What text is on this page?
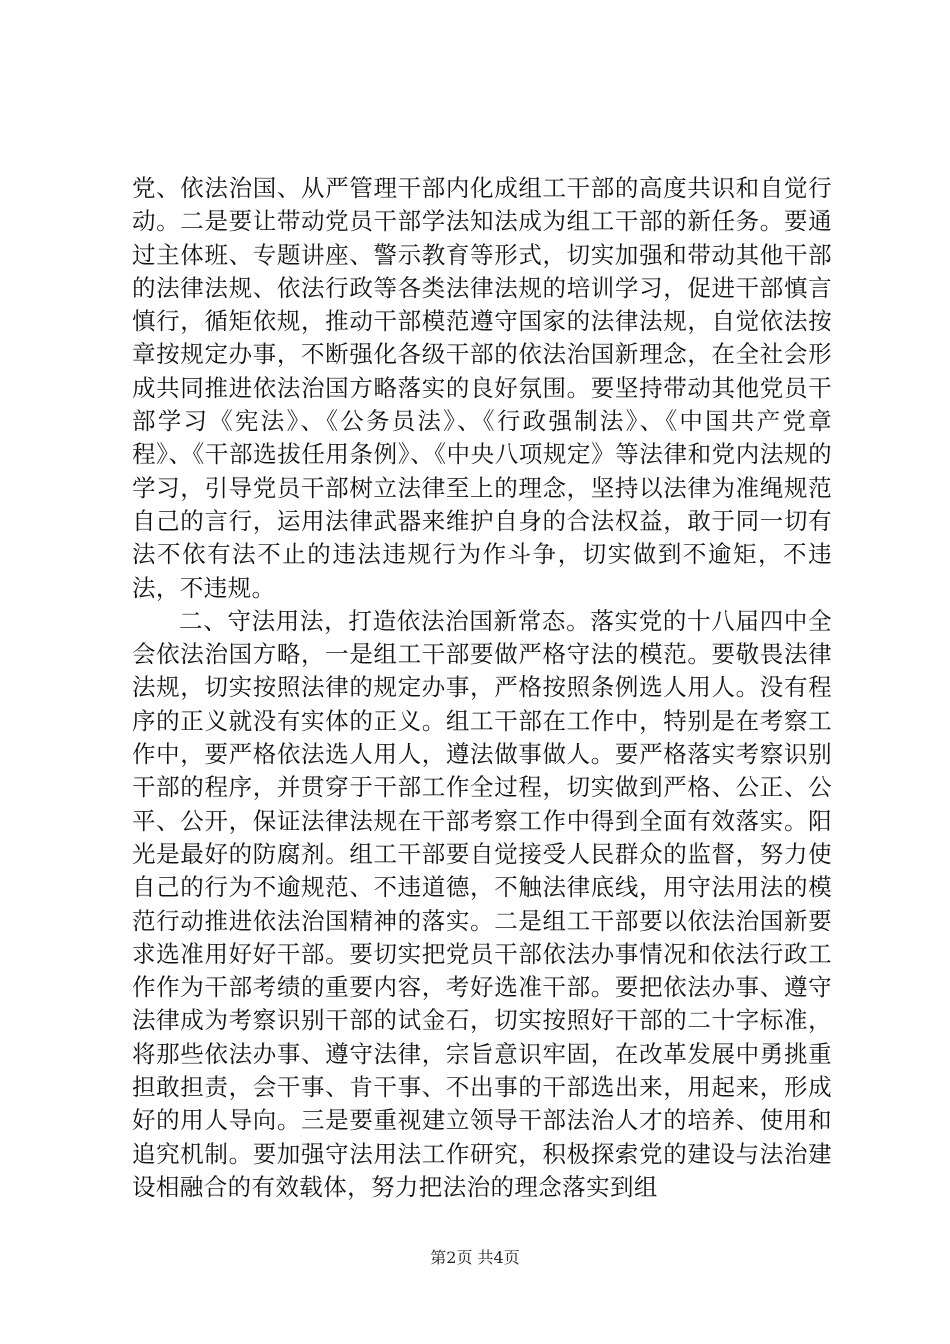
党、依法治国、从严管理干部内化成组工干部的高度共识和自觉行动。二是要让带动党员干部学法知法成为组工干部的新任务。要通过主体班、专题讲座、警示教育等形式，切实加强和带动其他干部的法律法规、依法行政等各类法律法规的培训学习，促进干部慎言慎行，循矩依规，推动干部模范遵守国家的法律法规，自觉依法按章按规定办事，不断强化各级干部的依法治国新理念，在全社会形成共同推进依法治国方略落实的良好氛围。要坚持带动其他党员干部学习《宪法》、《公务员法》、《行政强制法》、《中国共产党章程》、《干部选拔任用条例》、《中央八项规定》等法律和党内法规的学习，引导党员干部树立法律至上的理念，坚持以法律为准绳规范自己的言行，运用法律武器来维护自身的合法权益，敢于同一切有法不依有法不止的违法违规行为作斗争，切实做到不逾矩，不违法，不违规。

二、守法用法，打造依法治国新常态。落实党的十八届四中全会依法治国方略，一是组工干部要做严格守法的模范。要敬畏法律法规，切实按照法律的规定办事，严格按照条例选人用人。没有程序的正义就没有实体的正义。组工干部在工作中，特别是在考察工作中，要严格依法选人用人，遵法做事做人。要严格落实考察识别干部的程序，并贯穿于干部工作全过程，切实做到严格、公正、公平、公开，保证法律法规在干部考察工作中得到全面有效落实。阳光是最好的防腐剂。组工干部要自觉接受人民群众的监督，努力使自己的行为不逾规范、不违道德，不触法律底线，用守法用法的模范行动推进依法治国精神的落实。二是组工干部要以依法治国新要求选准用好好干部。要切实把党员干部依法办事情况和依法行政工作作为干部考绩的重要内容，考好选准干部。要把依法办事、遵守法律成为考察识别干部的试金石，切实按照好干部的二十字标准，将那些依法办事、遵守法律，宗旨意识牢固，在改革发展中勇挑重担敢担责，会干事、肯干事、不出事的干部选出来，用起来，形成好的用人导向。三是要重视建立领导干部法治人才的培养、使用和追究机制。要加强守法用法工作研究，积极探索党的建设与法治建设相融合的有效载体，努力把法治的理念落实到组

第2页 共4页
